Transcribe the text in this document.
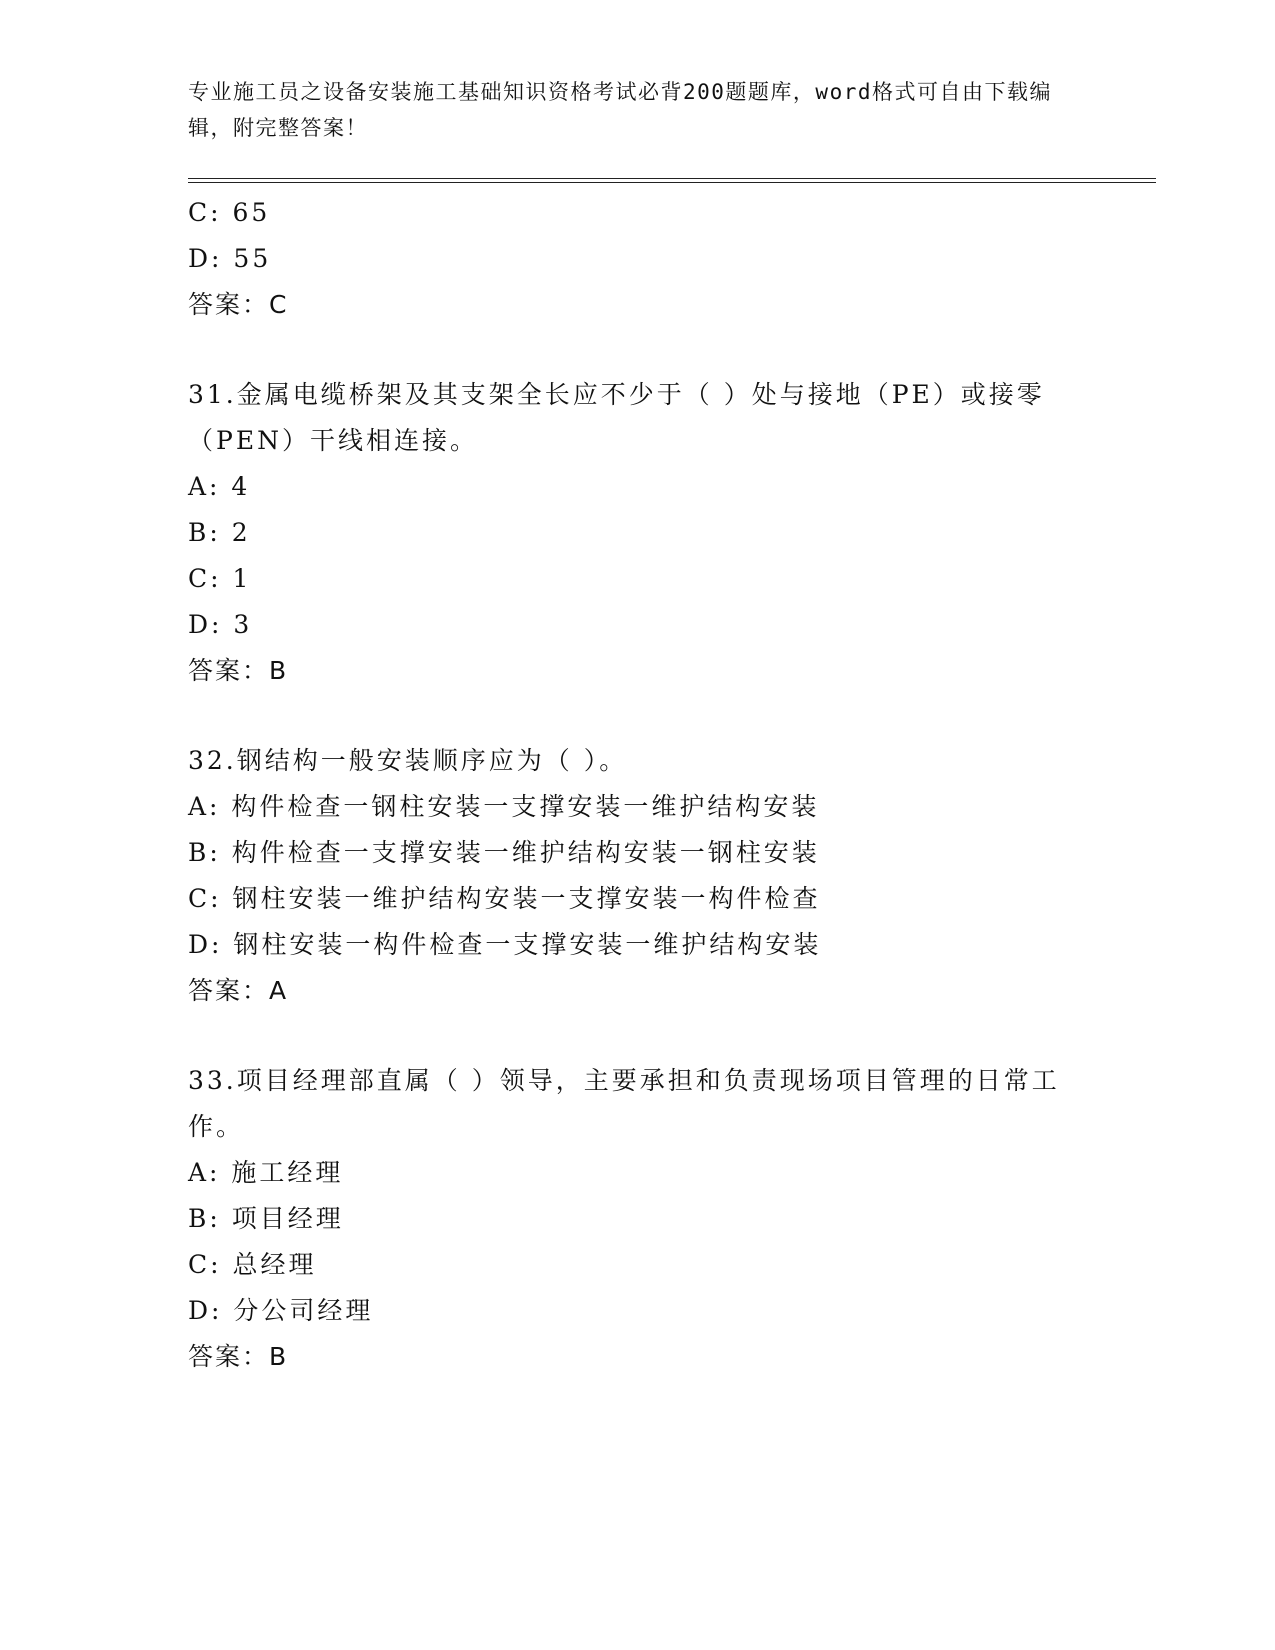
专业施工员之设备安装施工基础知识资格考试必背200题题库，word格式可自由下载编辑，附完整答案！
C: 65
D: 55
答案：C
31.金属电缆桥架及其支架全长应不少于（ ）处与接地（PE）或接零（PEN）干线相连接。
A: 4
B: 2
C: 1
D: 3
答案：B
32.钢结构一般安装顺序应为（ ）。
A: 构件检查一钢柱安装一支撑安装一维护结构安装
B: 构件检查一支撑安装一维护结构安装一钢柱安装
C: 钢柱安装一维护结构安装一支撑安装一构件检查
D: 钢柱安装一构件检查一支撑安装一维护结构安装
答案：A
33.项目经理部直属（ ）领导，主要承担和负责现场项目管理的日常工作。
A: 施工经理
B: 项目经理
C: 总经理
D: 分公司经理
答案：B
